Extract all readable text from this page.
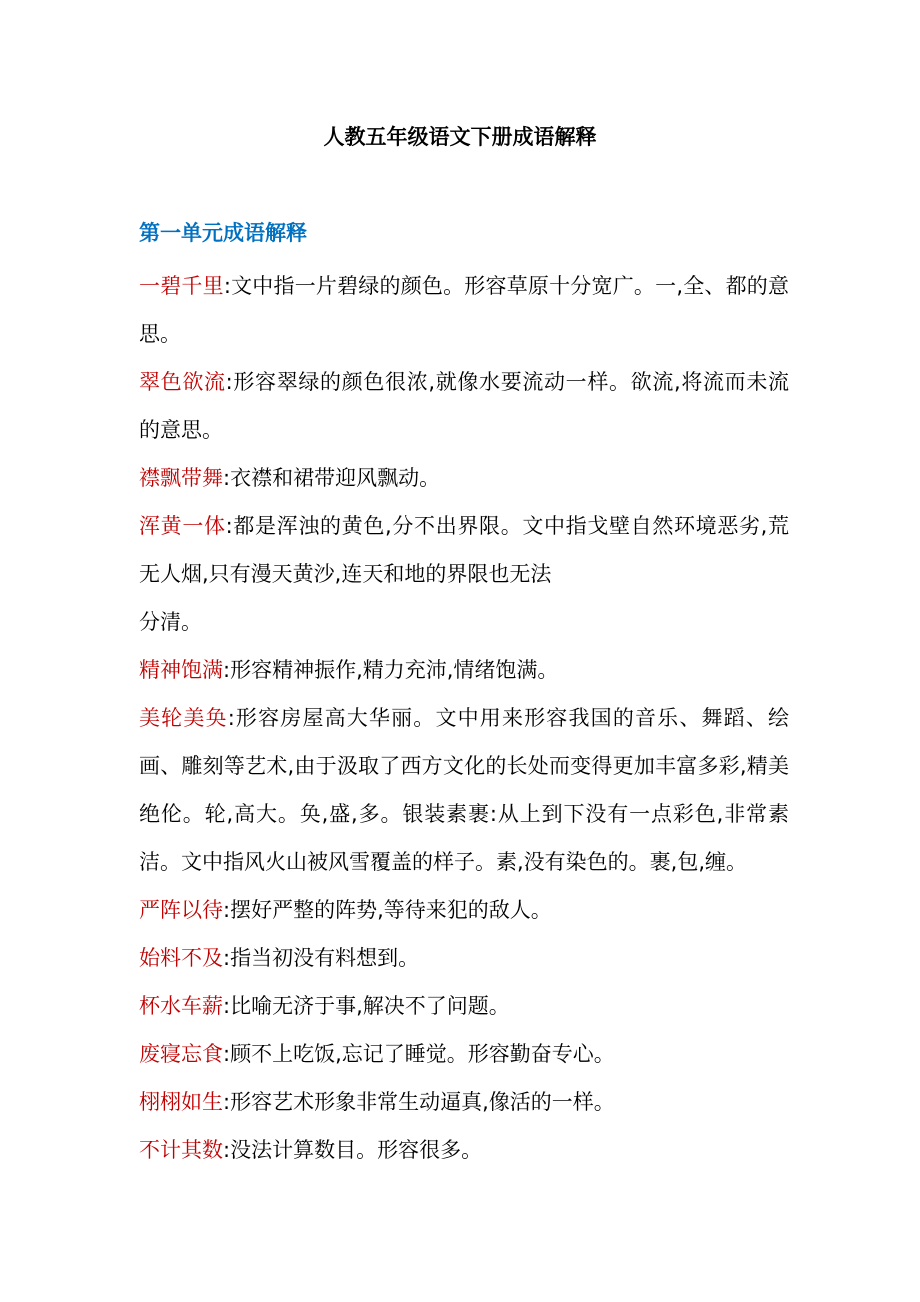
人教五年级语文下册成语解释
第一单元成语解释
一碧千里:文中指一片碧绿的颜色。形容草原十分宽广。一,全、都的意思。
翠色欲流:形容翠绿的颜色很浓,就像水要流动一样。欲流,将流而未流的意思。
襟飘带舞:衣襟和裙带迎风飘动。
浑黄一体:都是浑浊的黄色,分不出界限。文中指戈壁自然环境恶劣,荒无人烟,只有漫天黄沙,连天和地的界限也无法
分清。
精神饱满:形容精神振作,精力充沛,情绪饱满。
美轮美奂:形容房屋高大华丽。文中用来形容我国的音乐、舞蹈、绘画、雕刻等艺术,由于汲取了西方文化的长处而变得更加丰富多彩,精美绝伦。轮,高大。奂,盛,多。银装素裹:从上到下没有一点彩色,非常素洁。文中指风火山被风雪覆盖的样子。素,没有染色的。裹,包,缠。
严阵以待:摆好严整的阵势,等待来犯的敌人。
始料不及:指当初没有料想到。
杯水车薪:比喻无济于事,解决不了问题。
废寝忘食:顾不上吃饭,忘记了睡觉。形容勤奋专心。
栩栩如生:形容艺术形象非常生动逼真,像活的一样。
不计其数:没法计算数目。形容很多。
